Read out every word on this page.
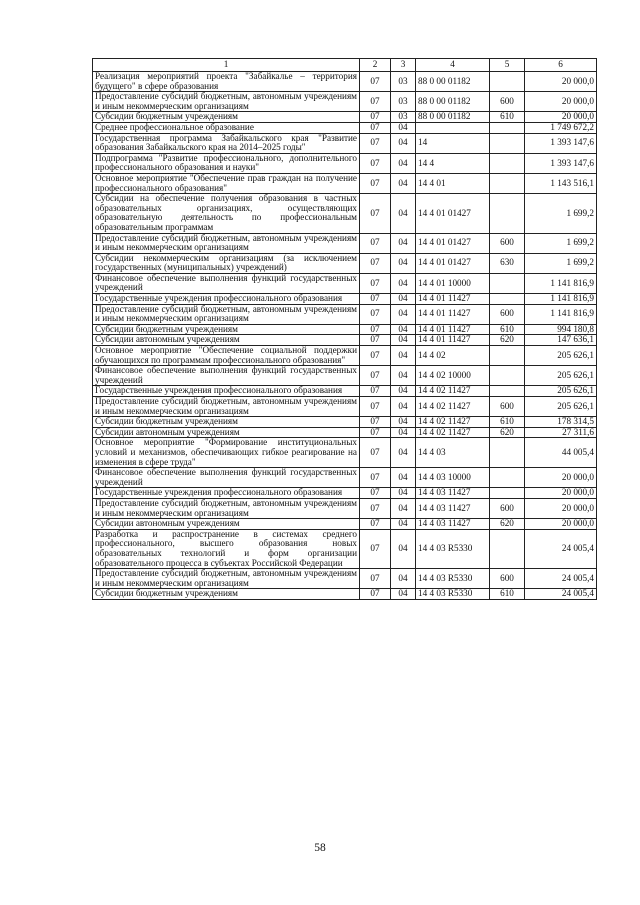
1	2	3	4	5	6
Реализация мероприятий проекта "Забайкалье – территория будущего" в сфере образования	07	03	88 0 00 01182		20 000,0
Предоставление субсидий бюджетным, автономным учреждениям и иным некоммерческим организациям	07	03	88 0 00 01182	600	20 000,0
Субсидии бюджетным учреждениям	07	03	88 0 00 01182	610	20 000,0
Среднее профессиональное образование	07	04			1 749 672,2
Государственная программа Забайкальского края "Развитие образования Забайкальского края на 2014–2025 годы"	07	04	14		1 393 147,6
Подпрограмма "Развитие профессионального, дополнительного профессионального образования и науки"	07	04	14 4		1 393 147,6
Основное мероприятие "Обеспечение прав граждан на получение профессионального образования"	07	04	14 4 01		1 143 516,1
Субсидии на обеспечение получения образования в частных образовательных организациях, осуществляющих образовательную деятельность по профессиональным образовательным программам	07	04	14 4 01 01427		1 699,2
Предоставление субсидий бюджетным, автономным учреждениям и иным некоммерческим организациям	07	04	14 4 01 01427	600	1 699,2
Субсидии некоммерческим организациям (за исключением государственных (муниципальных) учреждений)	07	04	14 4 01 01427	630	1 699,2
Финансовое обеспечение выполнения функций государственных учреждений	07	04	14 4 01 10000		1 141 816,9
Государственные учреждения профессионального образования	07	04	14 4 01 11427		1 141 816,9
Предоставление субсидий бюджетным, автономным учреждениям и иным некоммерческим организациям	07	04	14 4 01 11427	600	1 141 816,9
Субсидии бюджетным учреждениям	07	04	14 4 01 11427	610	994 180,8
Субсидии автономным учреждениям	07	04	14 4 01 11427	620	147 636,1
Основное мероприятие "Обеспечение социальной поддержки обучающихся по программам профессионального образования"	07	04	14 4 02		205 626,1
Финансовое обеспечение выполнения функций государственных учреждений	07	04	14 4 02 10000		205 626,1
Государственные учреждения профессионального образования	07	04	14 4 02 11427		205 626,1
Предоставление субсидий бюджетным, автономным учреждениям и иным некоммерческим организациям	07	04	14 4 02 11427	600	205 626,1
Субсидии бюджетным учреждениям	07	04	14 4 02 11427	610	178 314,5
Субсидии автономным учреждениям	07	04	14 4 02 11427	620	27 311,6
Основное мероприятие "Формирование институциональных условий и механизмов, обеспечивающих гибкое реагирование на изменения в сфере труда"	07	04	14 4 03		44 005,4
Финансовое обеспечение выполнения функций государственных учреждений	07	04	14 4 03 10000		20 000,0
Государственные учреждения профессионального образования	07	04	14 4 03 11427		20 000,0
Предоставление субсидий бюджетным, автономным учреждениям и иным некоммерческим организациям	07	04	14 4 03 11427	600	20 000,0
Субсидии автономным учреждениям	07	04	14 4 03 11427	620	20 000,0
Разработка и распространение в системах среднего профессионального, высшего образования новых образовательных технологий и форм организации образовательного процесса в субъектах Российской Федерации	07	04	14 4 03 R5330		24 005,4
Предоставление субсидий бюджетным, автономным учреждениям и иным некоммерческим организациям	07	04	14 4 03 R5330	600	24 005,4
Субсидии бюджетным учреждениям	07	04	14 4 03 R5330	610	24 005,4
58
